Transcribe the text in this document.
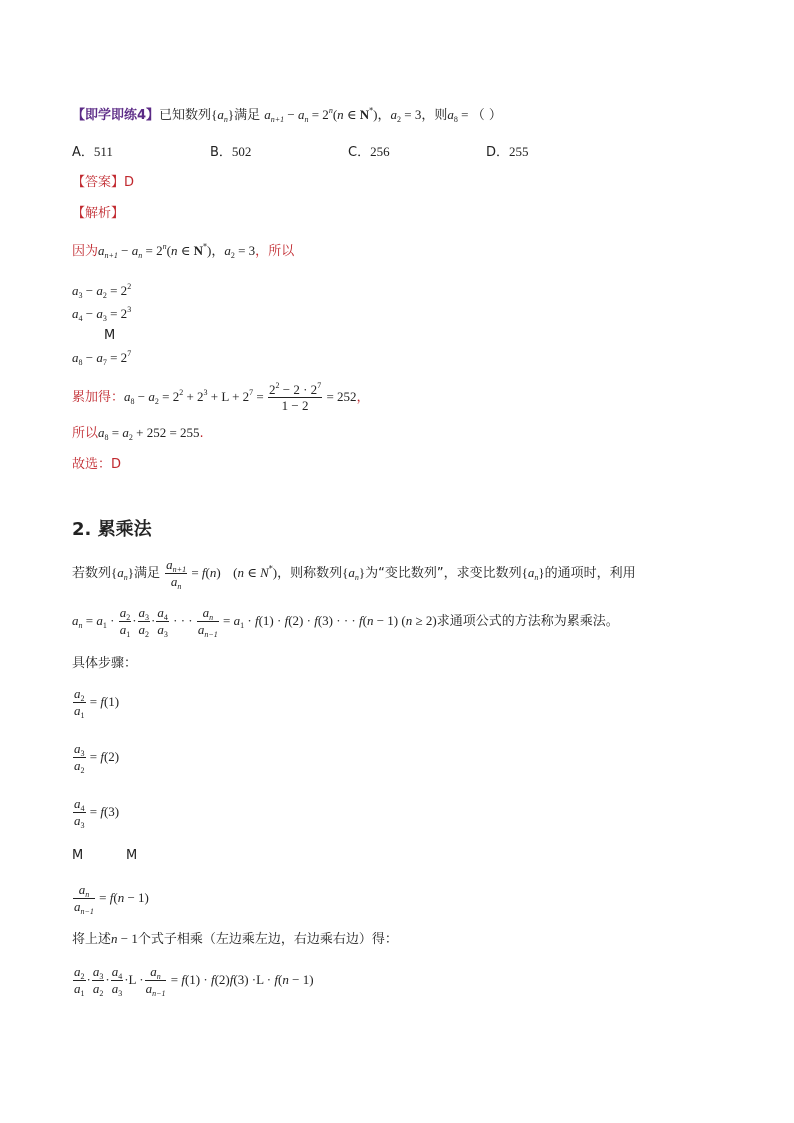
【即学即练4】已知数列$\{a_n\}$满足 $a_{n+1} - a_n = 2^n(n$ ∈ N*)，$a_2 = 3$，则$a_8$ = （ ）
A．511	B．502	C．256	D．255
【答案】D
【解析】
因为$a_{n+1} - a_n = 2^n(n$ ∈ N*)，$a_2 = 3$，所以
$a_3 - a_2 = 2^2$
$a_4 - a_3 = 2^3$
M
$a_8 - a_7 = 2^7$
累加得：$a_8 - a_2 = 2^2 + 2^3 + L + 2^7 = \frac{2^2 - 2 \cdot 2^7}{1 - 2} = 252$，
所以$a_8 = a_2 + 252 = 255$.
故选：D
2. 累乘法
若数列$\{a_n\}$满足 $\frac{a_{n+1}}{a_n} = f(n)$ (n ∈ N*)，则称数列$\{a_n\}$为“变比数列”，求变比数列$\{a_n\}$的通项时，利用
$a_n = a_1 \cdot \frac{a_2}{a_1} \cdot \frac{a_3}{a_2} \cdot \frac{a_4}{a_3}$ · · · $\frac{a_n}{a_{n-1}} = a_1 \cdot f(1) \cdot f(2) \cdot f(3)$ · · · f(n − 1) (n ≥ 2)求通项公式的方法称为累乘法。
具体步骤：
$\frac{a_2}{a_1} = f(1)$
$\frac{a_3}{a_2} = f(2)$
$\frac{a_4}{a_3} = f(3)$
M	M
$\frac{a_n}{a_{n-1}} = f(n - 1)$
将上述n − 1个式子相乘（左边乘左边，右边乘右边）得：
$\frac{a_2}{a_1} \cdot \frac{a_3}{a_2} \cdot \frac{a_4}{a_3} \cdot L \cdot \frac{a_n}{a_{n-1}} = f(1) \cdot f(2)f(3) \cdot L \cdot f(n - 1)$
